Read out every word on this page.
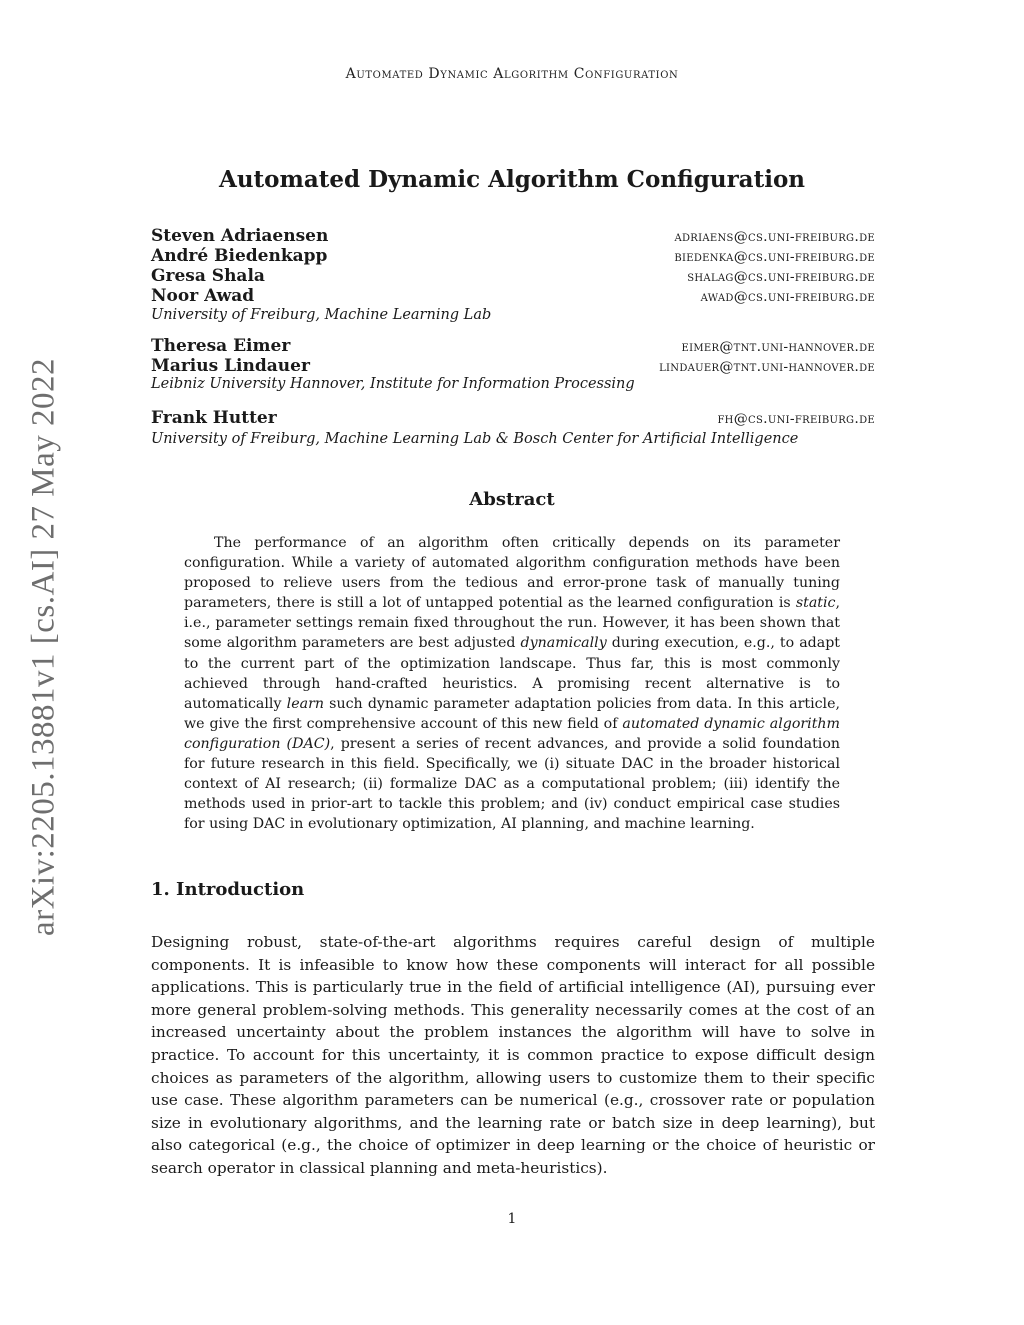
Automated Dynamic Algorithm Configuration
arXiv:2205.13881v1 [cs.AI] 27 May 2022
Automated Dynamic Algorithm Configuration
Steven Adriaensen	adriaens@cs.uni-freiburg.de
André Biedenkapp	biedenka@cs.uni-freiburg.de
Gresa Shala	shalag@cs.uni-freiburg.de
Noor Awad	awad@cs.uni-freiburg.de
University of Freiburg, Machine Learning Lab
Theresa Eimer	eimer@tnt.uni-hannover.de
Marius Lindauer	lindauer@tnt.uni-hannover.de
Leibniz University Hannover, Institute for Information Processing
Frank Hutter	fh@cs.uni-freiburg.de
University of Freiburg, Machine Learning Lab & Bosch Center for Artificial Intelligence
Abstract

The performance of an algorithm often critically depends on its parameter configuration. While a variety of automated algorithm configuration methods have been proposed to relieve users from the tedious and error-prone task of manually tuning parameters, there is still a lot of untapped potential as the learned configuration is static, i.e., parameter settings remain fixed throughout the run. However, it has been shown that some algorithm parameters are best adjusted dynamically during execution, e.g., to adapt to the current part of the optimization landscape. Thus far, this is most commonly achieved through hand-crafted heuristics. A promising recent alternative is to automatically learn such dynamic parameter adaptation policies from data. In this article, we give the first comprehensive account of this new field of automated dynamic algorithm configuration (DAC), present a series of recent advances, and provide a solid foundation for future research in this field. Specifically, we (i) situate DAC in the broader historical context of AI research; (ii) formalize DAC as a computational problem; (iii) identify the methods used in prior-art to tackle this problem; and (iv) conduct empirical case studies for using DAC in evolutionary optimization, AI planning, and machine learning.

1. Introduction

Designing robust, state-of-the-art algorithms requires careful design of multiple components. It is infeasible to know how these components will interact for all possible applications. This is particularly true in the field of artificial intelligence (AI), pursuing ever more general problem-solving methods. This generality necessarily comes at the cost of an increased uncertainty about the problem instances the algorithm will have to solve in practice. To account for this uncertainty, it is common practice to expose difficult design choices as parameters of the algorithm, allowing users to customize them to their specific use case. These algorithm parameters can be numerical (e.g., crossover rate or population size in evolutionary algorithms, and the learning rate or batch size in deep learning), but also categorical (e.g., the choice of optimizer in deep learning or the choice of heuristic or search operator in classical planning and meta-heuristics).

1
